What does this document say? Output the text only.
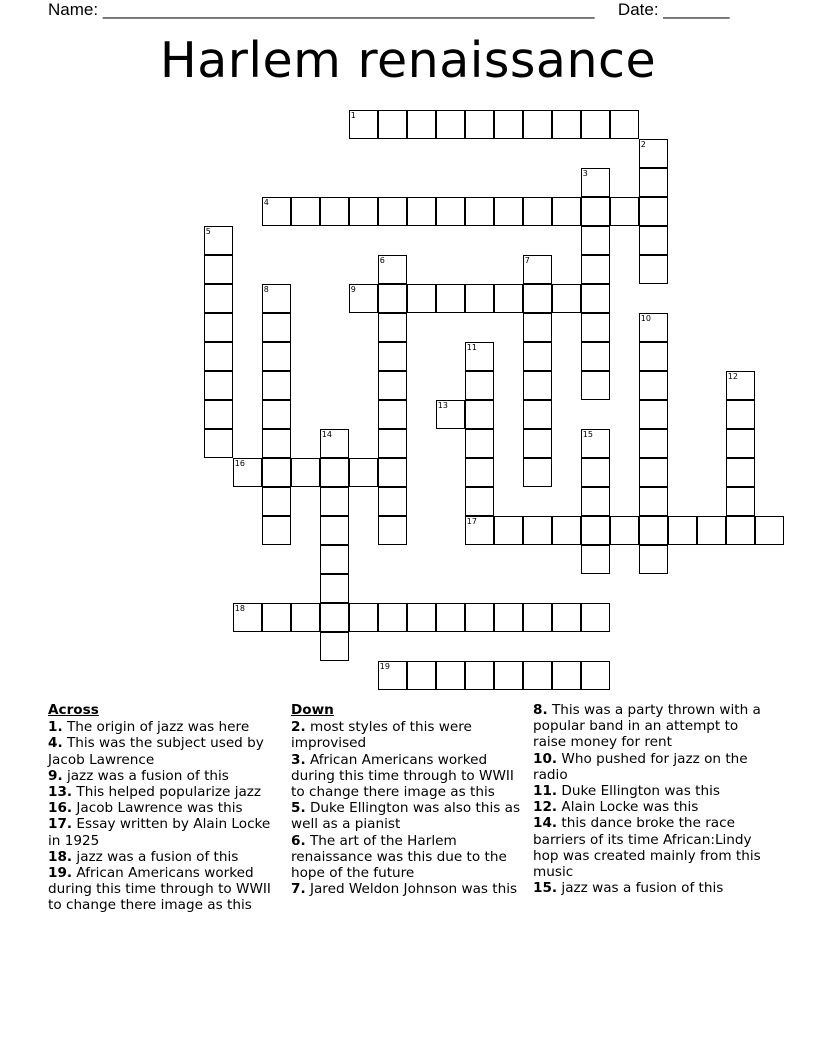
Name: ____________________________________________________ Date: _______
Harlem renaissance
1
2
3
4
5
6	7
8	9
10
11
17
12
13
14	15
16
18
19
Across
1. The origin of jazz was here
4. This was the subject used by Jacob Lawrence
9. jazz was a fusion of this
13. This helped popularize jazz
16. Jacob Lawrence was this
17. Essay written by Alain Locke in 1925
18. jazz was a fusion of this
19. African Americans worked during this time through to WWII to change there image as this
Down
2. most styles of this were improvised
3. African Americans worked during this time through to WWII to change there image as this
5. Duke Ellington was also this as well as a pianist
6. The art of the Harlem renaissance was this due to the hope of the future
7. Jared Weldon Johnson was this
8. This was a party thrown with a popular band in an attempt to raise money for rent
10. Who pushed for jazz on the radio
11. Duke Ellington was this
12. Alain Locke was this
14. this dance broke the race barriers of its time African:Lindy hop was created mainly from this music
15. jazz was a fusion of this
